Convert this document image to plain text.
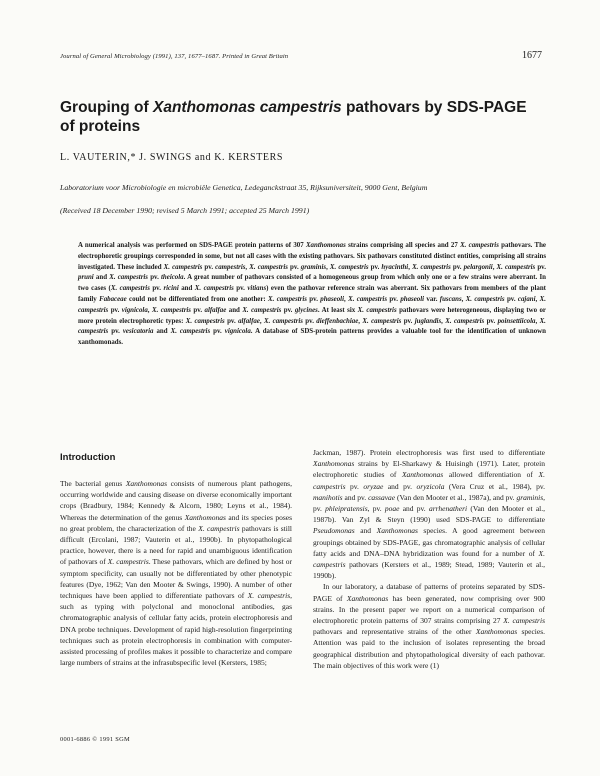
Journal of General Microbiology (1991), 137, 1677–1687. Printed in Great Britain	1677
Grouping of Xanthomonas campestris pathovars by SDS-PAGE
of proteins
L. VAUTERIN,* J. SWINGS and K. KERSTERS
Laboratorium voor Microbiologie en microbiële Genetica, Ledeganckstraat 35, Rijksuniversiteit, 9000 Gent, Belgium
(Received 18 December 1990; revised 5 March 1991; accepted 25 March 1991)
A numerical analysis was performed on SDS-PAGE protein patterns of 307 Xanthomonas strains comprising all species and 27 X. campestris pathovars. The electrophoretic groupings corresponded in some, but not all cases with the existing pathovars. Six pathovars constituted distinct entities, comprising all strains investigated. These included X. campestris pv. campestris, X. campestris pv. graminis, X. campestris pv. hyacinthi, X. campestris pv. pelargonii, X. campestris pv. pruni and X. campestris pv. theicola. A great number of pathovars consisted of a homogeneous group from which only one or a few strains were aberrant. In two cases (X. campestris pv. ricini and X. campestris pv. vitians) even the pathovar reference strain was aberrant. Six pathovars from members of the plant family Fabaceae could not be differentiated from one another: X. campestris pv. phaseoli, X. campestris pv. phaseoli var. fuscans, X. campestris pv. cajani, X. campestris pv. vignicola, X. campestris pv. alfalfae and X. campestris pv. glycines. At least six X. campestris pathovars were heterogeneous, displaying two or more protein electrophoretic types: X. campestris pv. alfalfae, X. campestris pv. dieffenbachiae, X. campestris pv. juglandis, X. campestris pv. poinsettiicola, X. campestris pv. vesicatoria and X. campestris pv. vignicola. A database of SDS-protein patterns provides a valuable tool for the identification of unknown xanthomonads.
Introduction

The bacterial genus Xanthomonas consists of numerous plant pathogens, occurring worldwide and causing disease on diverse economically important crops (Bradbury, 1984; Kennedy & Alcorn, 1980; Leyns et al., 1984). Whereas the determination of the genus Xanthomonas and its species poses no great problem, the characterization of the X. campestris pathovars is still difficult (Ercolani, 1987; Vauterin et al., 1990b). In phytopathological practice, however, there is a need for rapid and unambiguous identification of pathovars of X. campestris. These pathovars, which are defined by host or symptom specificity, can usually not be differentiated by other phenotypic features (Dye, 1962; Van den Mooter & Swings, 1990). A number of other techniques have been applied to differentiate pathovars of X. campestris, such as typing with polyclonal and monoclonal antibodies, gas chromatographic analysis of cellular fatty acids, protein electrophoresis and DNA probe techniques. Development of rapid high-resolution fingerprinting techniques such as protein electrophoresis in combination with computer-assisted processing of profiles makes it possible to characterize and compare large numbers of strains at the infrasubspecific level (Kersters, 1985;

Jackman, 1987). Protein electrophoresis was first used to differentiate Xanthomonas strains by El-Sharkawy & Huisingh (1971). Later, protein electrophoretic studies of Xanthomonas allowed differentiation of X. campestris pv. oryzae and pv. oryzicola (Vera Cruz et al., 1984), pv. manihotis and pv. cassavae (Van den Mooter et al., 1987a), and pv. graminis, pv. phleipratensis, pv. poae and pv. arrhenatheri (Van den Mooter et al., 1987b). Van Zyl & Steyn (1990) used SDS-PAGE to differentiate Pseudomonas and Xanthomonas species. A good agreement between groupings obtained by SDS-PAGE, gas chromatographic analysis of cellular fatty acids and DNA–DNA hybridization was found for a number of X. campestris pathovars (Kersters et al., 1989; Stead, 1989; Vauterin et al., 1990b).

In our laboratory, a database of patterns of proteins separated by SDS-PAGE of Xanthomonas has been generated, now comprising over 900 strains. In the present paper we report on a numerical comparison of electrophoretic protein patterns of 307 strains comprising 27 X. campestris pathovars and representative strains of the other Xanthomonas species. Attention was paid to the inclusion of isolates representing the broad geographical distribution and phytopathological diversity of each pathovar. The main objectives of this work were (1)

0001-6886 © 1991 SGM
